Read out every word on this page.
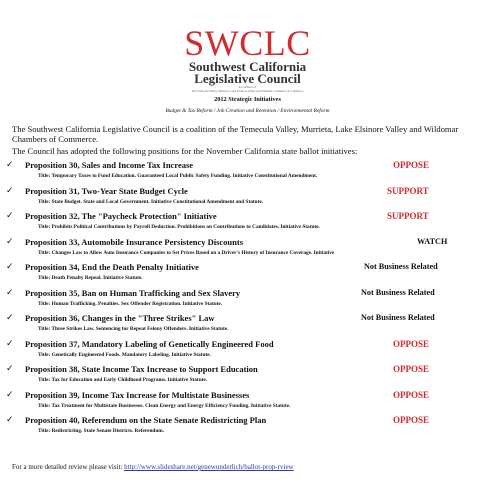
SWCLC
Southwest California
Legislative Council
A Coalition of:
The Temecula Valley, Murrieta, Lake Elsinore Valley and Wildomar Chambers of Commerce
2012 Strategic Initiatives
Budget & Tax Reform / Job Creation and Retention / Environmental Reform
The Southwest California Legislative Council is a coalition of the Temecula Valley, Murrieta, Lake Elsinore Valley and Wildomar Chambers of Commerce.
The Council has adopted the following positions for the November California state ballot initiatives:
✓ Proposition 30, Sales and Income Tax Increase	OPPOSE
Title: Temporary Taxes to Fund Education. Guaranteed Local Public Safety Funding. Initiative Constitutional Amendment.
✓ Proposition 31, Two-Year State Budget Cycle	SUPPORT
Title: State Budget. State and Local Government. Initiative Constitutional Amendment and Statute.
✓ Proposition 32, The "Paycheck Protection" Initiative	SUPPORT
Title: Prohibits Political Contributions by Payroll Deduction. Prohibitions on Contributions to Candidates. Initiative Statute.
✓ Proposition 33, Automobile Insurance Persistency Discounts	WATCH
Title: Changes Law to Allow Auto Insurance Companies to Set Prices Based on a Driver's History of Insurance Coverage. Initiative
✓ Proposition 34, End the Death Penalty Initiative	Not Business Related
Title: Death Penalty Repeal. Initiative Statute.
✓ Proposition 35, Ban on Human Trafficking and Sex Slavery	Not Business Related
Title: Human Trafficking. Penalties. Sex Offender Registration. Initiative Statute.
✓ Proposition 36, Changes in the "Three Strikes" Law	Not Business Related
Title: Three Strikes Law. Sentencing for Repeat Felony Offenders. Initiative Statute.
✓ Proposition 37, Mandatory Labeling of Genetically Engineered Food	OPPOSE
Title: Genetically Engineered Foods. Mandatory Labeling. Initiative Statute.
✓ Proposition 38, State Income Tax Increase to Support Education	OPPOSE
Title: Tax for Education and Early Childhood Programs. Initiative Statute.
✓ Proposition 39, Income Tax Increase for Multistate Businesses	OPPOSE
Title: Tax Treatment for Multistate Businesses. Clean Energy and Energy Efficiency Funding. Initiative Statute.
✓ Proposition 40, Referendum on the State Senate Redistricting Plan	OPPOSE
Title: Redistricting. State Senate Districts. Referendum.
For a more detailed review please visit: http://www.slideshare.net/genewunderlich/ballot-prop-rview
